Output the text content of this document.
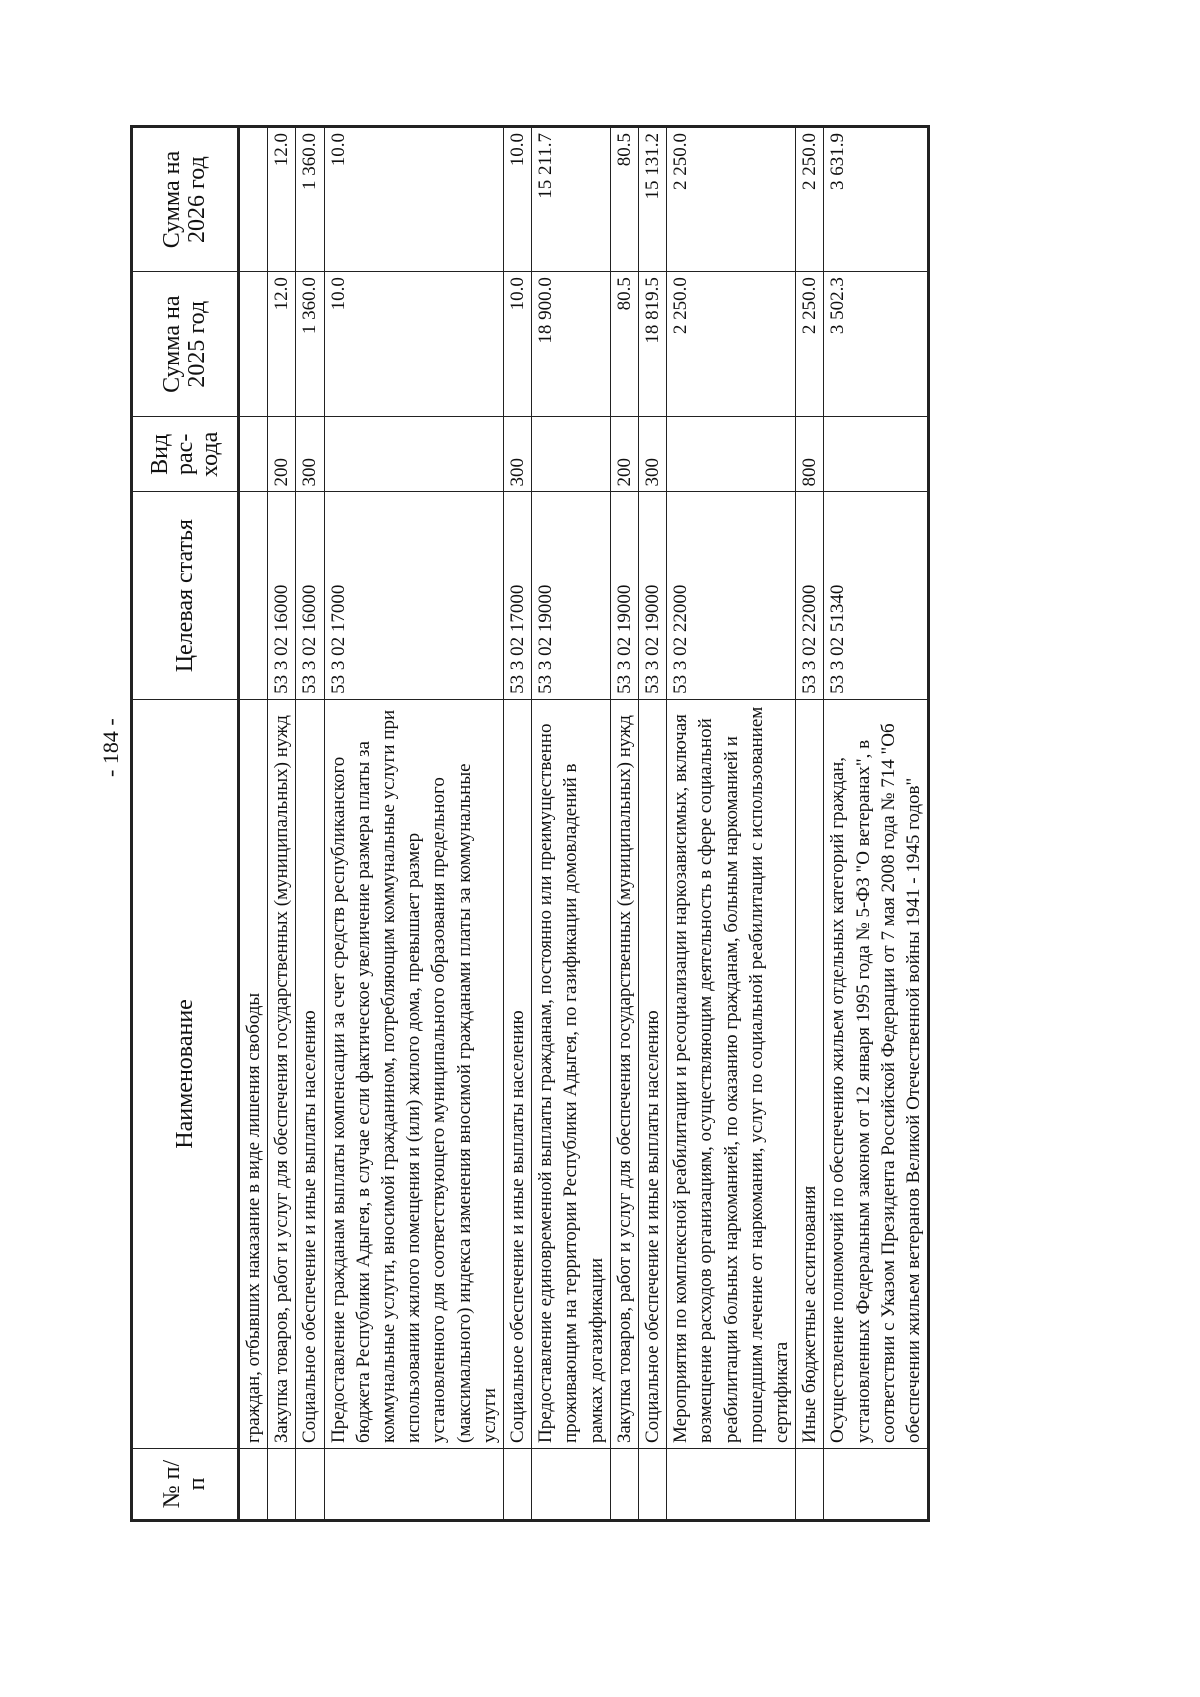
- 184 -
№ п/п	Наименование	Целевая статья	Вид рас-хода	Сумма на 2025 год	Сумма на 2026 год
	граждан, отбывших наказание в виде лишения свободы				
	Закупка товаров, работ и услуг для обеспечения государственных (муниципальных) нужд	53 3 02 16000	200	12.0	12.0
	Социальное обеспечение и иные выплаты населению	53 3 02 16000	300	1 360.0	1 360.0
	Предоставление гражданам выплаты компенсации за счет средств республиканского бюджета Республики Адыгея, в случае если фактическое увеличение размера платы за коммунальные услуги, вносимой гражданином, потребляющим коммунальные услуги при использовании жилого помещения и (или) жилого дома, превышает размер установленного для соответствующего муниципального образования предельного (максимального) индекса изменения вносимой гражданами платы за коммунальные услуги	53 3 02 17000		10.0	10.0
	Социальное обеспечение и иные выплаты населению	53 3 02 17000	300	10.0	10.0
	Предоставление единовременной выплаты гражданам, постоянно или преимущественно проживающим на территории Республики Адыгея, по газификации домовладений в рамках догазификации	53 3 02 19000		18 900.0	15 211.7
	Закупка товаров, работ и услуг для обеспечения государственных (муниципальных) нужд	53 3 02 19000	200	80.5	80.5
	Социальное обеспечение и иные выплаты населению	53 3 02 19000	300	18 819.5	15 131.2
	Мероприятия по комплексной реабилитации и ресоциализации наркозависимых, включая возмещение расходов организациям, осуществляющим деятельность в сфере социальной реабилитации больных наркоманией, по оказанию гражданам, больным наркоманией и прошедшим лечение от наркомании, услуг по социальной реабилитации с использованием сертификата	53 3 02 22000		2 250.0	2 250.0
	Иные бюджетные ассигнования	53 3 02 22000	800	2 250.0	2 250.0
	Осуществление полномочий по обеспечению жильем отдельных категорий граждан, установленных Федеральным законом от 12 января 1995 года № 5-ФЗ "О ветеранах", в соответствии с Указом Президента Российской Федерации от 7 мая 2008 года № 714 "Об обеспечении жильем ветеранов Великой Отечественной войны 1941 - 1945 годов"	53 3 02 51340		3 502.3	3 631.9
